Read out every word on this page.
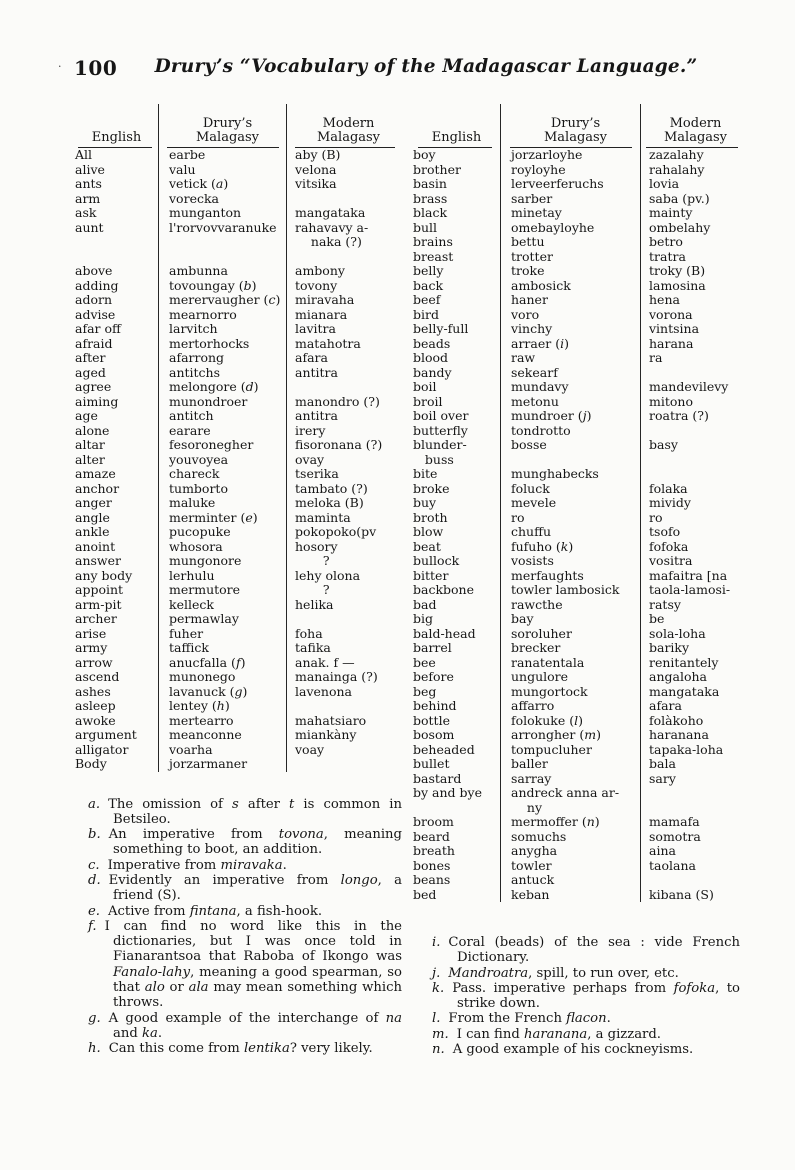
· 100	Drury’s “Vocabulary of the Madagascar Language.”
English
Drury’s
Malagasy
Modern
Malagasy
All	earbe	aby (B)
alive	valu	velona
ants	vetick (a)	vitsika
arm	vorecka
ask	munganton	mangataka
aunt	l'rorvovvaranuke	rahavavy a-
naka (?)
above	ambunna	ambony
adding	tovoungay (b)	tovony
adorn	merervaugher (c)	miravaha
advise	mearnorro	mianara
afar off	larvitch	lavitra
afraid	mertorhocks	matahotra
after	afarrong	afara
aged	antitchs	antitra
agree	melongore (d)
aiming	munondroer	manondro (?)
age	antitch	antitra
alone	earare	irery
altar	fesoronegher	fisoronana (?)
alter	youvoyea	ovay
amaze	chareck	tserika
anchor	tumborto	tambato (?)
anger	maluke	meloka (B)
angle	merminter (e)	maminta
ankle	pucopuke	pokopoko(pv
anoint	whosora	hosory
answer	mungonore	?
any body	lerhulu	lehy olona
appoint	mermutore	?
arm-pit	kelleck	helika
archer	permawlay
arise	fuher	foha
army	taffick	tafika
arrow	anucfalla (f)	anak. f —
ascend	munonego	manainga (?)
ashes	lavanuck (g)	lavenona
asleep	lentey (h)
awoke	mertearro	mahatsiaro
argument	meanconne	miankàny
alligator	voarha	voay
Body	jorzarmaner
a. The omission of s after t is common in Betsileo.
b. An imperative from tovona, meaning something to boot, an addition.
c. Imperative from miravaka.
d. Evidently an imperative from longo, a friend (S).
e. Active from fintana, a fish-hook.
f. I can find no word like this in the dictionaries, but I was once told in Fianarantsoa that Raboba of Ikongo was Fanalo-lahy, meaning a good spearman, so that alo or ala may mean something which throws.
g. A good example of the interchange of na and ka.
h. Can this come from lentika? very likely.
English
Drury’s
Malagasy
Modern
Malagasy
boy	jorzarloyhe	zazalahy
brother	royloyhe	rahalahy
basin	lerveerferuchs	lovia
brass	sarber	saba (pv.)
black	minetay	mainty
bull	omebayloyhe	ombelahy
brains	bettu	betro
breast	trotter	tratra
belly	troke	troky (B)
back	ambosick	lamosina
beef	haner	hena
bird	voro	vorona
belly-full	vinchy	vintsina
beads	arraer (i)	harana
blood	raw	ra
bandy	sekearf
boil	mundavy	mandevilevy
broil	metonu	mitono
boil over	mundroer (j)	roatra (?)
butterfly	tondrotto
blunder-	bosse	basy
buss
bite	munghabecks
broke	foluck	folaka
buy	mevele	mividy
broth	ro	ro
blow	chuffu	tsofo
beat	fufuho (k)	fofoka
bullock	vosists	vositra
bitter	merfaughts	mafaitra [na
backbone	towler lambosick	taola-lamosi-
bad	rawcthe	ratsy
big	bay	be
bald-head	soroluher	sola-loha
barrel	brecker	bariky
bee	ranatentala	renitantely
before	ungulore	angaloha
beg	mungortock	mangataka
behind	affarro	afara
bottle	folokuke (l)	folàkoho
bosom	arrongher (m)	haranana
beheaded	tompucluher	tapaka-loha
bullet	baller	bala
bastard	sarray	sary
by and bye	andreck anna ar-
ny
broom	mermoffer (n)	mamafa
beard	somuchs	somotra
breath	anygha	aina
bones	towler	taolana
beans	antuck
bed	keban	kibana (S)
i. Coral (beads) of the sea : vide French Dictionary.
j. Mandroatra, spill, to run over, etc.
k. Pass. imperative perhaps from fofoka, to strike down.
l. From the French flacon.
m. I can find haranana, a gizzard.
n. A good example of his cockneyisms.
